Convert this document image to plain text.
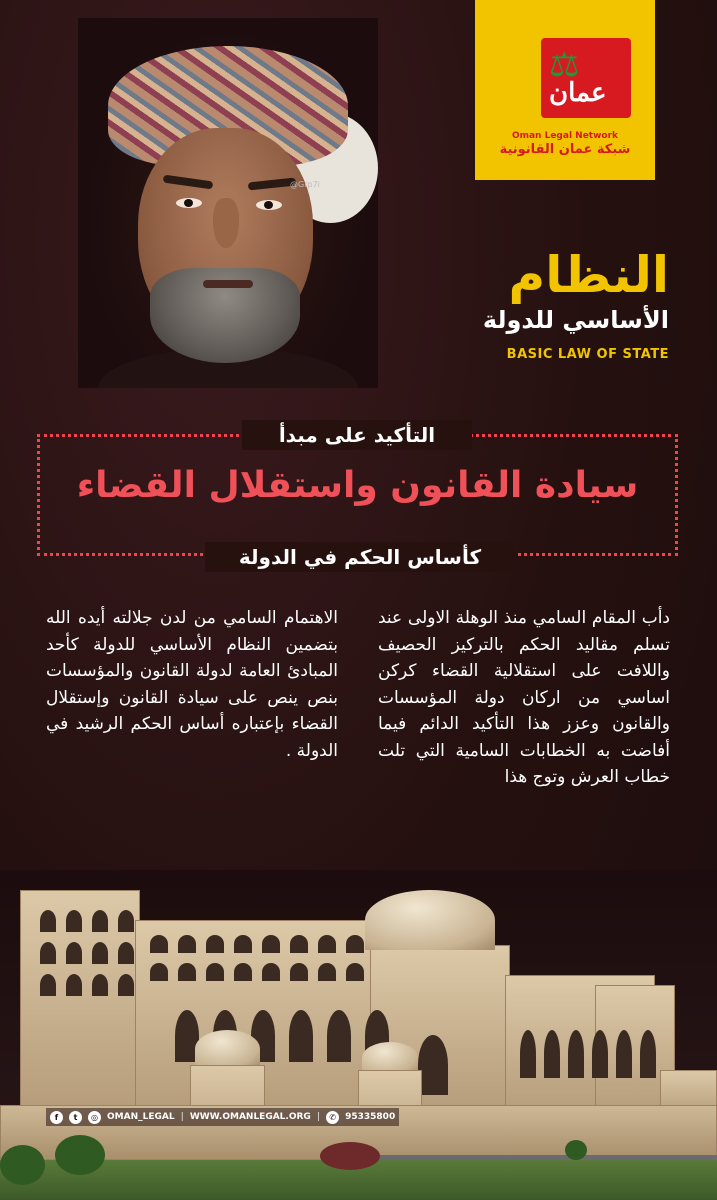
@Grp7i
⚖
عمان
Oman Legal Network
شبكة عمان القانونية
النظام
الأساسي للدولة
BASIC LAW OF STATE
التأكيد على مبدأ
سيادة القانون واستقلال القضاء
كأساس الحكم في الدولة
دأب المقام السامي منذ الوهلة الاولى عند تسلم مقاليد الحكم بالتركيز الحصيف واللافت على استقلالية القضاء كركن اساسي من اركان دولة المؤسسات والقانون وعزز هذا التأكيد الدائم فيما أفاضت به الخطابات السامية التي تلت خطاب العرش وتوج هذا
الاهتمام السامي من لدن جلالته أيده الله بتضمين النظام الأساسي للدولة كأحد المبادئ العامة لدولة القانون والمؤسسات بنص ينص على سيادة القانون وإستقلال القضاء بإعتباره أساس الحكم الرشيد في الدولة .
f	t	◎	OMAN_LEGAL | WWW.OMANLEGAL.ORG |	✆	95335800
